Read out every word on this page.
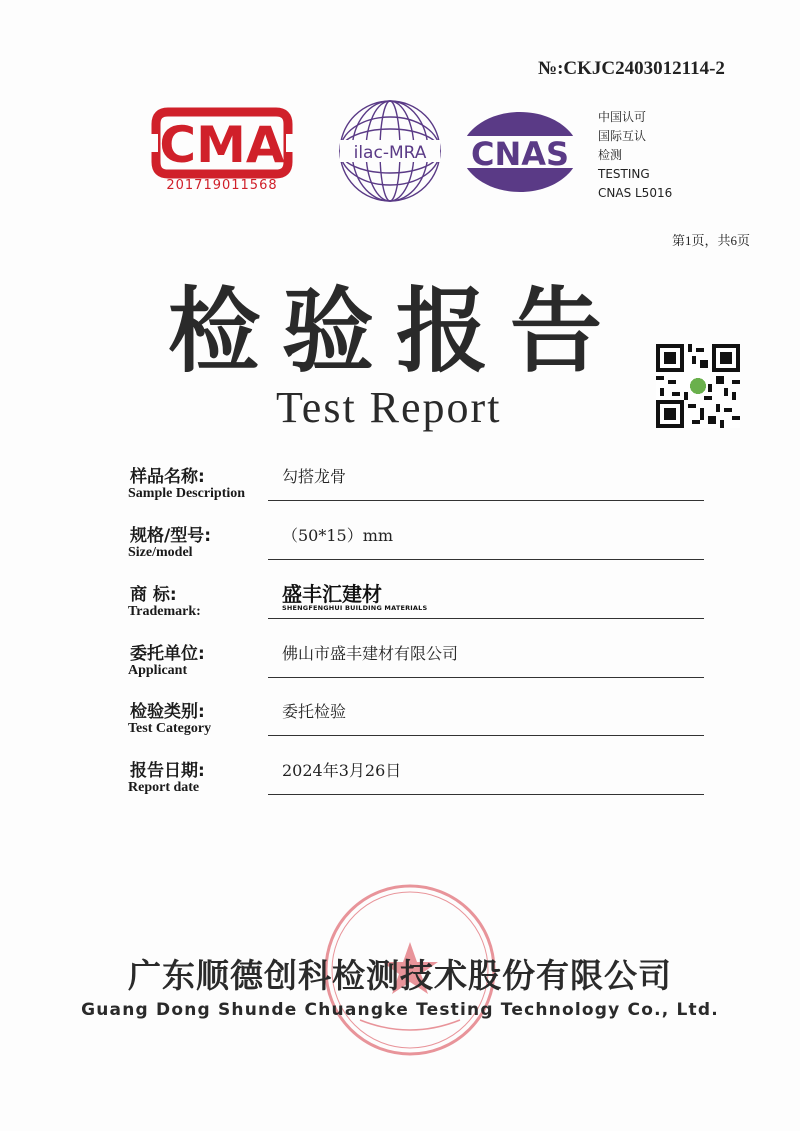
№:CKJC2403012114-2
CMA
201719011568
ilac-MRA CNAS
中国认可
国际互认
检测
TESTING
CNAS L5016
第1页，共6页
检验报告
Test Report
样品名称:
Sample Description
勾搭龙骨
规格/型号:
Size/model
（50*15）mm
商 标:
Trademark:
盛丰汇建材
SHENGFENGHUI BUILDING MATERIALS
委托单位:
Applicant
佛山市盛丰建材有限公司
检验类别:
Test Category
委托检验
报告日期:
Report date
2024年3月26日
广东顺德创科检测技术股份有限公司
Guang Dong Shunde Chuangke Testing Technology Co., Ltd.
